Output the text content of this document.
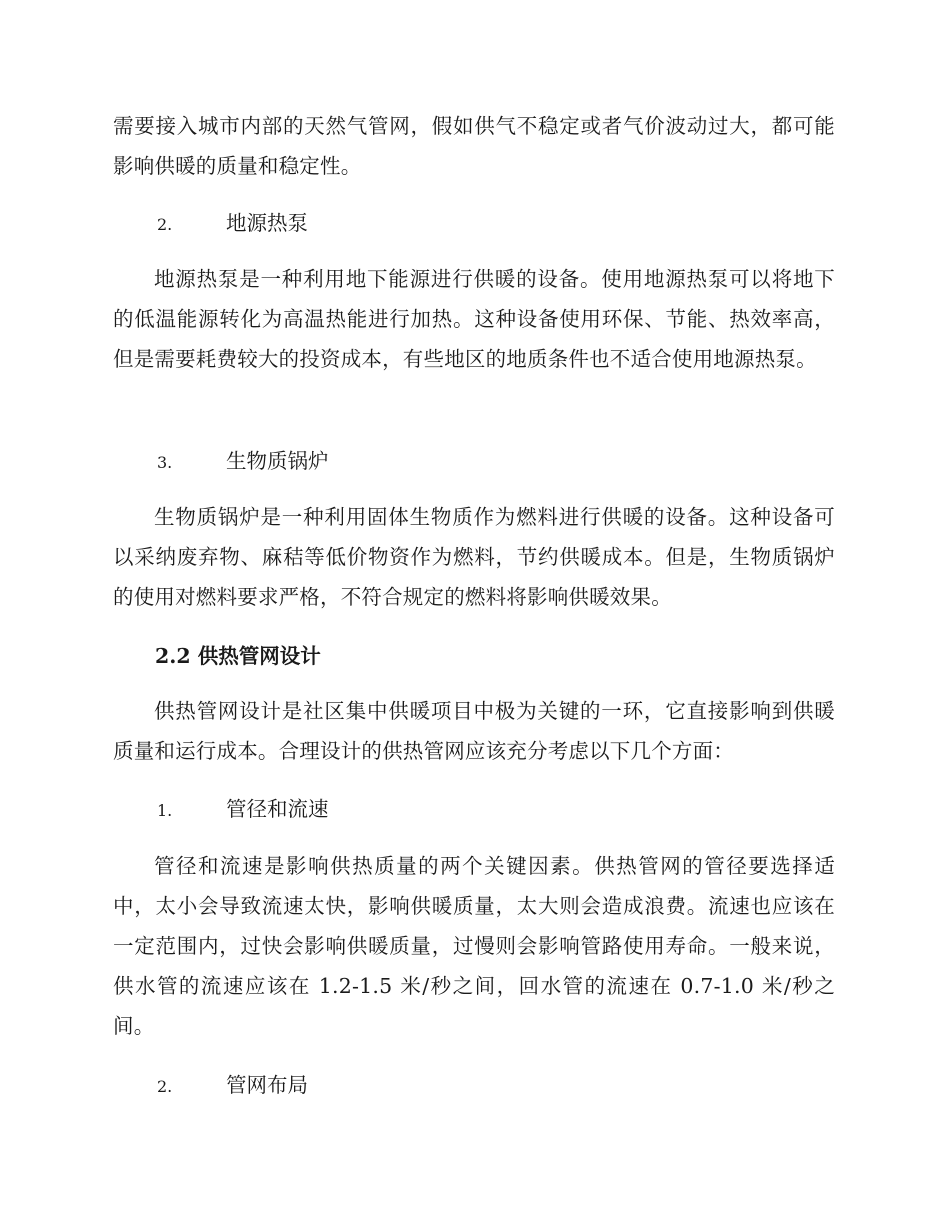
需要接入城市内部的天然气管网，假如供气不稳定或者气价波动过大，都可能影响供暖的质量和稳定性。

2.	地源热泵

地源热泵是一种利用地下能源进行供暖的设备。使用地源热泵可以将地下的低温能源转化为高温热能进行加热。这种设备使用环保、节能、热效率高，但是需要耗费较大的投资成本，有些地区的地质条件也不适合使用地源热泵。

3.	生物质锅炉

生物质锅炉是一种利用固体生物质作为燃料进行供暖的设备。这种设备可以采纳废弃物、麻秸等低价物资作为燃料，节约供暖成本。但是，生物质锅炉的使用对燃料要求严格，不符合规定的燃料将影响供暖效果。

2.2 供热管网设计

供热管网设计是社区集中供暖项目中极为关键的一环，它直接影响到供暖质量和运行成本。合理设计的供热管网应该充分考虑以下几个方面：

1.	管径和流速

管径和流速是影响供热质量的两个关键因素。供热管网的管径要选择适中，太小会导致流速太快，影响供暖质量，太大则会造成浪费。流速也应该在一定范围内，过快会影响供暖质量，过慢则会影响管路使用寿命。一般来说，供水管的流速应该在 1.2-1.5 米/秒之间，回水管的流速在 0.7-1.0 米/秒之间。

2.	管网布局
